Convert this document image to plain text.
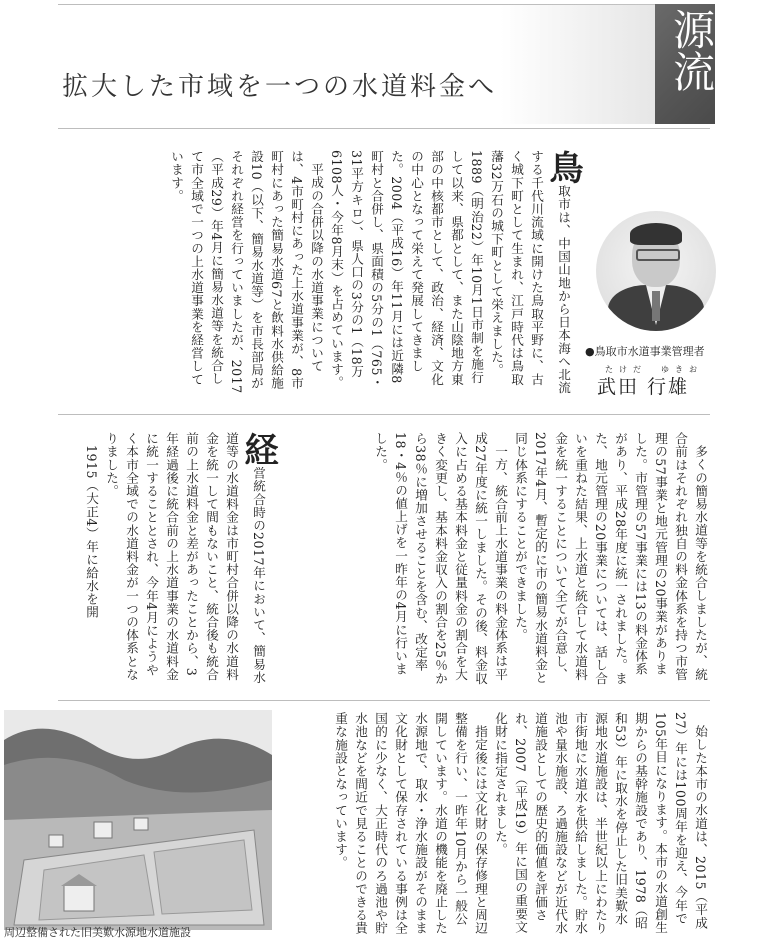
源流
拡大した市域を一つの水道料金へ

鳥取市は、中国山地から日本海へ北流する千代川流域に開けた鳥取平野に、古く城下町として生まれ、江戸時代は鳥取藩32万石の城下町として栄えました。1889（明治22）年10月1日市制を施行して以来、県都として、また山陰地方東部の中核都市として、政治、経済、文化の中心となって栄えて発展してきました。2004（平成16）年11月には近隣8町村と合併し、県面積の5分の1（765・31平方キロ）、県人口の3分の1（18万6108人・今年8月末）を占めています。

平成の合併以降の水道事業については、4市町村にあった上水道事業が、8市町村にあった簡易水道67と飲料水供給施設10（以下、簡易水道等）を市長部局がそれぞれ経営を行っていましたが、2017（平成29）年4月に簡易水道等を統合して市全域で一つの上水道事業を経営しています。

●鳥取市水道事業管理者
たけだ　ゆきお
武田 行雄

多くの簡易水道等を統合しましたが、統合前はそれぞれ独自の料金体系を持つ市管理の57事業と地元管理の20事業がありました。市管理の57事業には13の料金体系があり、平成28年度に統一されました。また、地元管理の20事業については、話し合いを重ねた結果、上水道と統合して水道料金を統一することについて全てが合意し、2017年4月、暫定的に市の簡易水道料金と同じ体系にすることができました。

一方、統合前上水道事業の料金体系は平成27年度に統一しました。その後、料金収入に占める基本料金と従量料金の割合を大きく変更し、基本料金収入の割合を25％から38％に増加させることを含む、改定率18・4％の値上げを一昨年の4月に行いました。

経営統合時の2017年において、簡易水道等の水道料金は市町村合併以降の水道料金を統一して間もないこと、統合後も統合前の上水道料金と差があったことから、3年経過後に統合前の上水道事業の水道料金に統一することとされ、今年4月にようやく本市全域での水道料金が一つの体系となりました。

1915（大正4）年に給水を開

始した本市の水道は、2015（平成27）年には100周年を迎え、今年で105年目になります。本市の水道創生期からの基幹施設であり、1978（昭和53）年に取水を停止した旧美歎水源地水道施設は、半世紀以上にわたり市街地に水道水を供給しました。貯水池や量水施設、ろ過施設などが近代水道施設としての歴史的価値を評価され、2007（平成19）年に国の重要文化財に指定されました。

指定後には文化財の保存修理と周辺整備を行い、一昨年10月から一般公開しています。水道の機能を廃止した水源地で、取水・浄水施設がそのまま文化財として保存されている事例は全国的に少なく、大正時代のろ過池や貯水池などを間近で見ることのできる貴重な施設となっています。

周辺整備された旧美歎水源地水道施設
